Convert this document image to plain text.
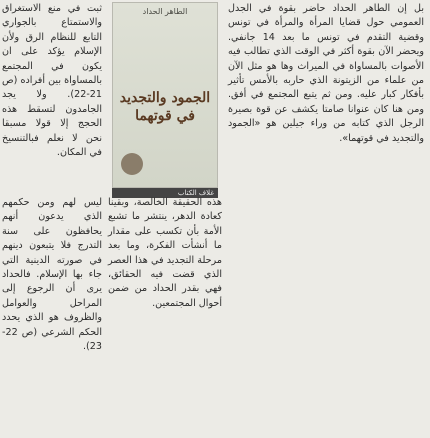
بل إن الطاهر الحداد حاضر بقوة في الجدل العمومي حول قضايا المرأة والمرأة في تونس وقضية التقدم في تونس ما بعد 14 جانفي. ويحضر الآن بقوة أكثر في الوقت الذي تطالب فيه الأصوات بالمساواة في الميراث وها هو مثل الآن من علماء من الزيتونة الذي حاربه بالأمس تأثير بأفكار كبار عليه. ومن ثم يتبع المجتمع في أفق. ومن هنا كان عنوانا صامتا يكشف عن قوة بصيرة الرجل الذي كتابه من وراء جيلين هو «الجمود والتجديد في قوتهما».

الطاهر الحداد
الجمود والتجديد في قوتهما
غلاف الكتاب

ثبت في منع الاستغراق والاستمتاع بالجواري التابع للنظام الرق ولأن الإسلام يؤكد على ان يكون في المجتمع بالمساواة بين أفراده (ص 21-22). ولا يجد الجامدون لتسقط هذه الحجج إلا قولا مسبقا نحن لا نعلم فبالتنسيخ في المكان.

ليس لهم ومن حكمهم الذي يدعون أنهم يحافظون على سنة التدرج فلا يتبعون دينهم في صورته الدينية التي جاء بها الإسلام. فالحداد يرى أن الرجوع إلى المراحل والعوامل والظروف هو الذي يحدد الحكم الشرعي (ص 22-23).

هذه الحقيقة الخالصة، وبقينا كعادة الدهر، ينتشر ما تشبع الأمة بأن تكسب على مقدار ما أنشأت الفكرة، وما بعد مرحلة التجديد في هذا العصر الذي قضت فيه الحقائق، فهي بقدر الحداد من ضمن أحوال المجتمعين.
